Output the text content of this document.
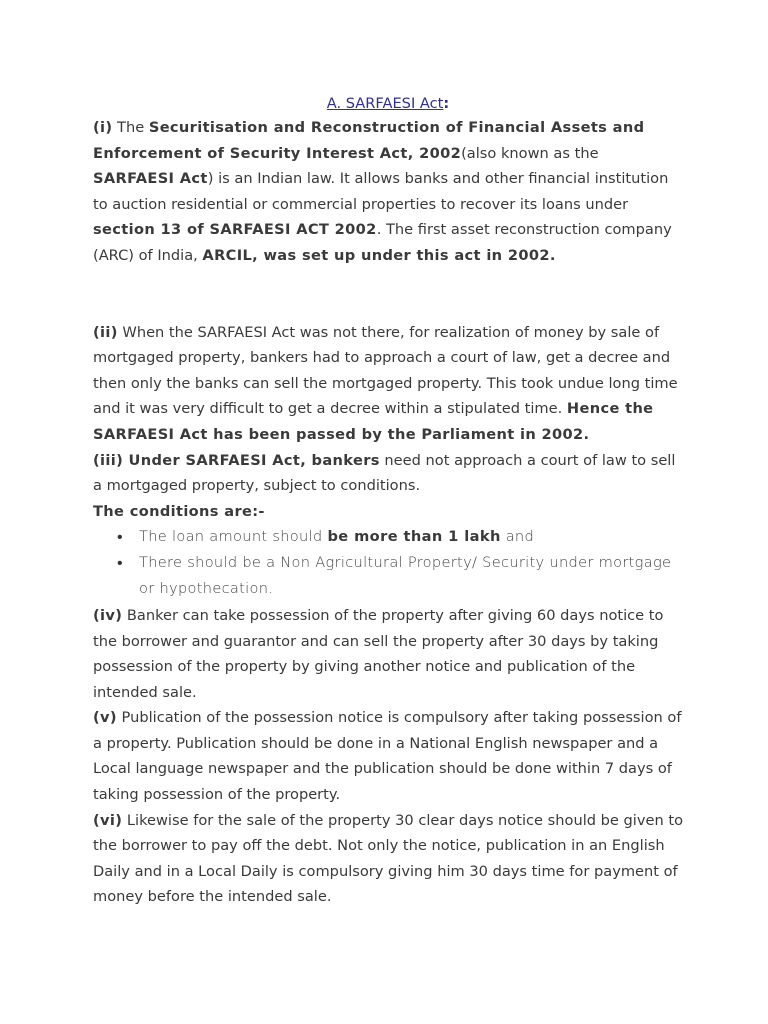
A. SARFAESI Act:

(i) The Securitisation and Reconstruction of Financial Assets and Enforcement of Security Interest Act, 2002(also known as the SARFAESI Act) is an Indian law. It allows banks and other financial institution to auction residential or commercial properties to recover its loans under section 13 of SARFAESI ACT 2002. The first asset reconstruction company (ARC) of India, ARCIL, was set up under this act in 2002.

(ii) When the SARFAESI Act was not there, for realization of money by sale of mortgaged property, bankers had to approach a court of law, get a decree and then only the banks can sell the mortgaged property. This took undue long time and it was very difficult to get a decree within a stipulated time. Hence the SARFAESI Act has been passed by the Parliament in 2002.

(iii) Under SARFAESI Act, bankers need not approach a court of law to sell a mortgaged property, subject to conditions.

The conditions are:-

• The loan amount should be more than 1 lakh and
• There should be a Non Agricultural Property/ Security under mortgage or hypothecation.

(iv) Banker can take possession of the property after giving 60 days notice to the borrower and guarantor and can sell the property after 30 days by taking possession of the property by giving another notice and publication of the intended sale.

(v) Publication of the possession notice is compulsory after taking possession of a property. Publication should be done in a National English newspaper and a Local language newspaper and the publication should be done within 7 days of taking possession of the property.

(vi) Likewise for the sale of the property 30 clear days notice should be given to the borrower to pay off the debt. Not only the notice, publication in an English Daily and in a Local Daily is compulsory giving him 30 days time for payment of money before the intended sale.
